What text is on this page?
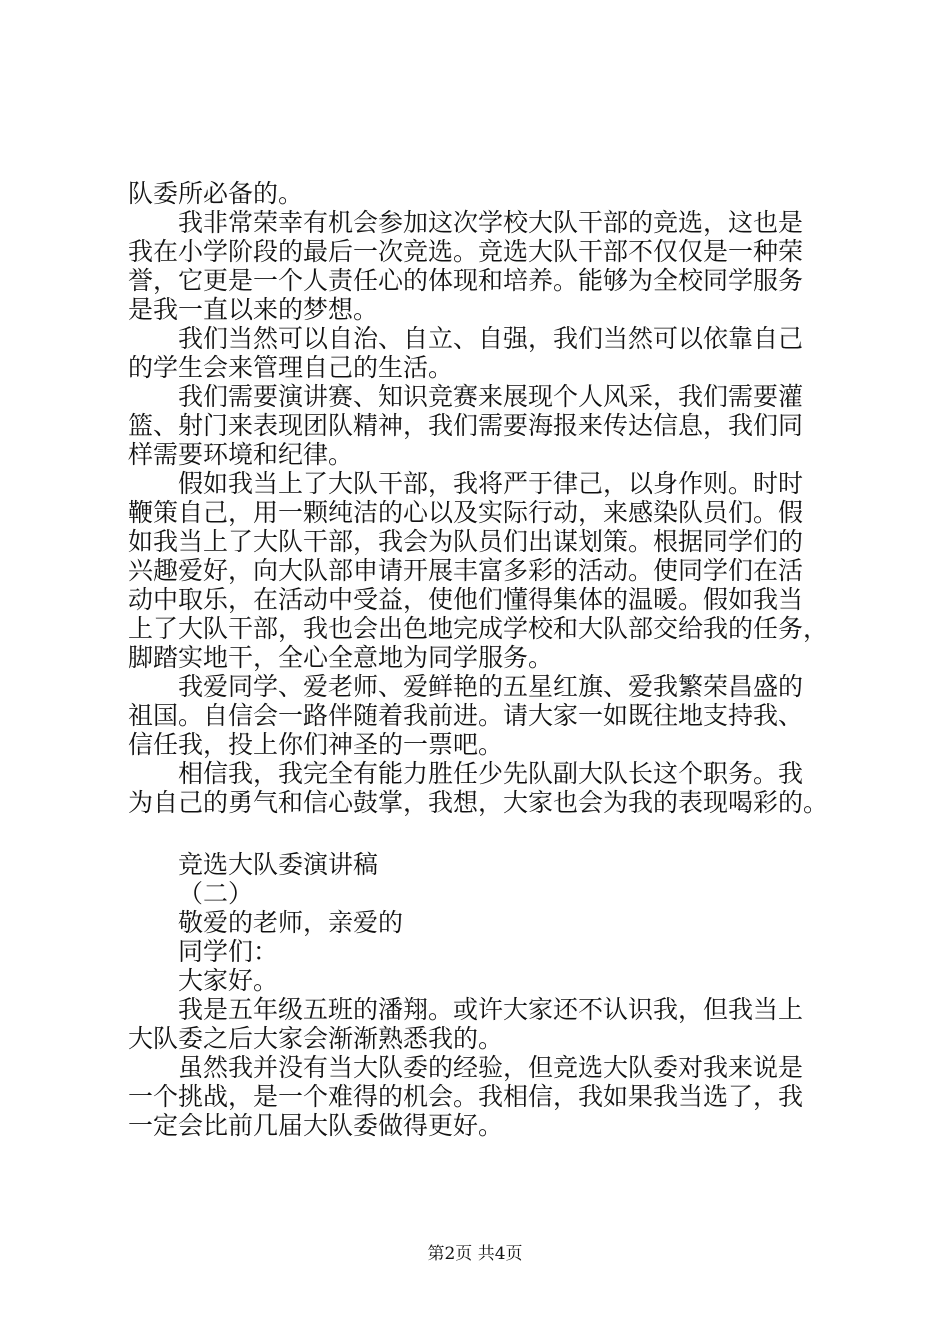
队委所必备的。
我非常荣幸有机会参加这次学校大队干部的竞选，这也是
我在小学阶段的最后一次竞选。竞选大队干部不仅仅是一种荣
誉，它更是一个人责任心的体现和培养。能够为全校同学服务
是我一直以来的梦想。
我们当然可以自治、自立、自强，我们当然可以依靠自己
的学生会来管理自己的生活。
我们需要演讲赛、知识竞赛来展现个人风采，我们需要灌
篮、射门来表现团队精神，我们需要海报来传达信息，我们同
样需要环境和纪律。
假如我当上了大队干部，我将严于律己，以身作则。时时
鞭策自己，用一颗纯洁的心以及实际行动，来感染队员们。假
如我当上了大队干部，我会为队员们出谋划策。根据同学们的
兴趣爱好，向大队部申请开展丰富多彩的活动。使同学们在活
动中取乐，在活动中受益，使他们懂得集体的温暖。假如我当
上了大队干部，我也会出色地完成学校和大队部交给我的任务，
脚踏实地干，全心全意地为同学服务。
我爱同学、爱老师、爱鲜艳的五星红旗、爱我繁荣昌盛的
祖国。自信会一路伴随着我前进。请大家一如既往地支持我、
信任我，投上你们神圣的一票吧。
相信我，我完全有能力胜任少先队副大队长这个职务。我
为自己的勇气和信心鼓掌，我想，大家也会为我的表现喝彩的。
竞选大队委演讲稿
（二）
敬爱的老师，亲爱的
同学们：
大家好。
我是五年级五班的潘翔。或许大家还不认识我，但我当上
大队委之后大家会渐渐熟悉我的。
虽然我并没有当大队委的经验，但竞选大队委对我来说是
一个挑战，是一个难得的机会。我相信，我如果我当选了，我
一定会比前几届大队委做得更好。
第2页 共4页
